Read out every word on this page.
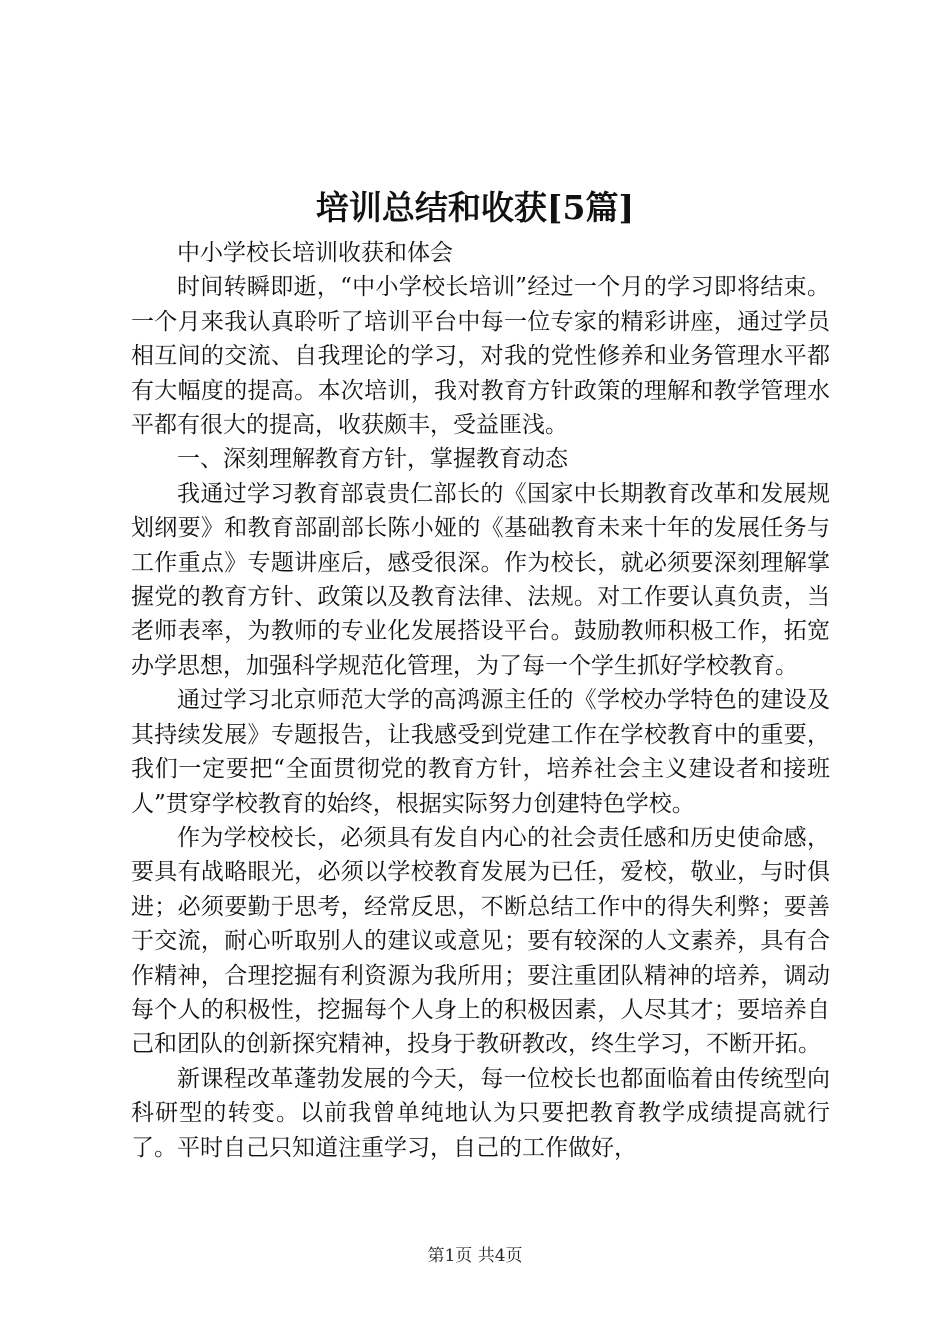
培训总结和收获[5篇]

中小学校长培训收获和体会

时间转瞬即逝，“中小学校长培训”经过一个月的学习即将结束。一个月来我认真聆听了培训平台中每一位专家的精彩讲座，通过学员相互间的交流、自我理论的学习，对我的党性修养和业务管理水平都有大幅度的提高。本次培训，我对教育方针政策的理解和教学管理水平都有很大的提高，收获颇丰，受益匪浅。

一、深刻理解教育方针，掌握教育动态

我通过学习教育部袁贵仁部长的《国家中长期教育改革和发展规划纲要》和教育部副部长陈小娅的《基础教育未来十年的发展任务与工作重点》专题讲座后，感受很深。作为校长，就必须要深刻理解掌握党的教育方针、政策以及教育法律、法规。对工作要认真负责，当老师表率，为教师的专业化发展搭设平台。鼓励教师积极工作，拓宽办学思想，加强科学规范化管理，为了每一个学生抓好学校教育。

通过学习北京师范大学的高鸿源主任的《学校办学特色的建设及其持续发展》专题报告，让我感受到党建工作在学校教育中的重要，我们一定要把“全面贯彻党的教育方针，培养社会主义建设者和接班人”贯穿学校教育的始终，根据实际努力创建特色学校。

作为学校校长，必须具有发自内心的社会责任感和历史使命感，要具有战略眼光，必须以学校教育发展为已任，爱校，敬业，与时俱进；必须要勤于思考，经常反思，不断总结工作中的得失利弊；要善于交流，耐心听取别人的建议或意见；要有较深的人文素养，具有合作精神，合理挖掘有利资源为我所用；要注重团队精神的培养，调动每个人的积极性，挖掘每个人身上的积极因素，人尽其才；要培养自己和团队的创新探究精神，投身于教研教改，终生学习，不断开拓。

新课程改革蓬勃发展的今天，每一位校长也都面临着由传统型向科研型的转变。以前我曾单纯地认为只要把教育教学成绩提高就行了。平时自己只知道注重学习，自己的工作做好，

第1页 共4页
